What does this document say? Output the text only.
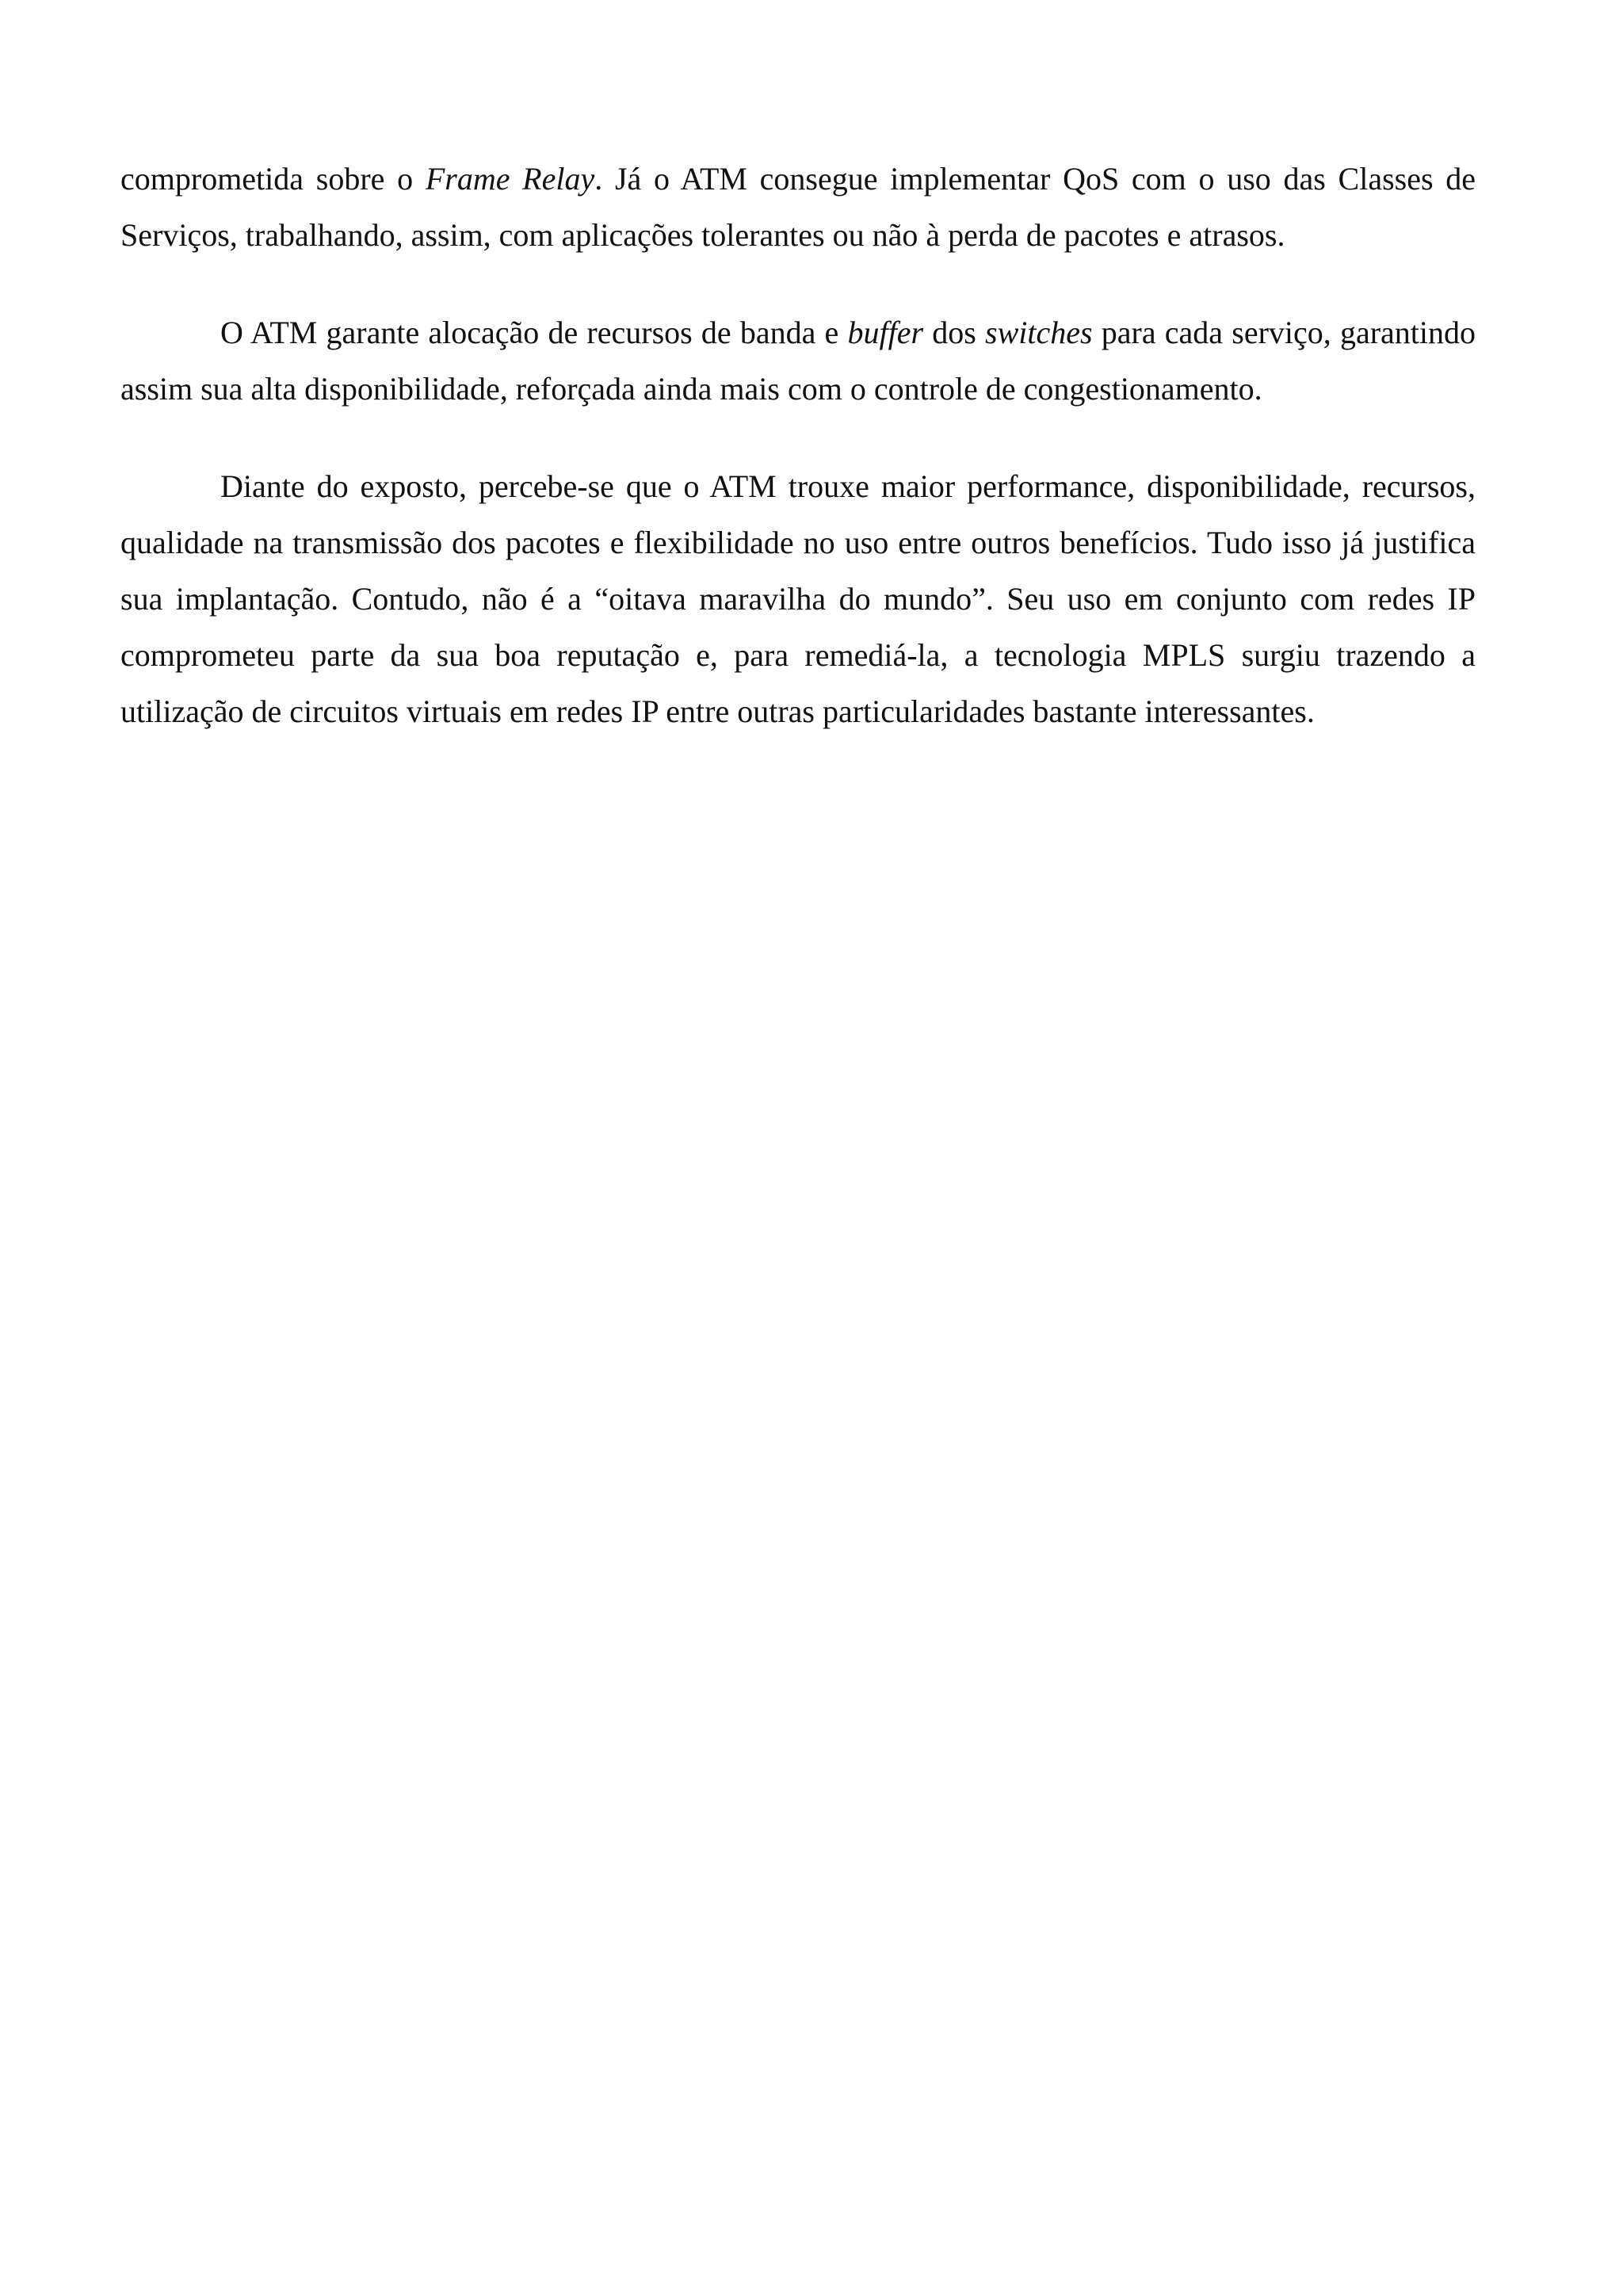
comprometida sobre o Frame Relay. Já o ATM consegue implementar QoS com o uso das Classes de Serviços, trabalhando, assim, com aplicações tolerantes ou não à perda de pacotes e atrasos.

O ATM garante alocação de recursos de banda e buffer dos switches para cada serviço, garantindo assim sua alta disponibilidade, reforçada ainda mais com o controle de congestionamento.

Diante do exposto, percebe-se que o ATM trouxe maior performance, disponibilidade, recursos, qualidade na transmissão dos pacotes e flexibilidade no uso entre outros benefícios. Tudo isso já justifica sua implantação. Contudo, não é a “oitava maravilha do mundo”. Seu uso em conjunto com redes IP comprometeu parte da sua boa reputação e, para remediá-la, a tecnologia MPLS surgiu trazendo a utilização de circuitos virtuais em redes IP entre outras particularidades bastante interessantes.
